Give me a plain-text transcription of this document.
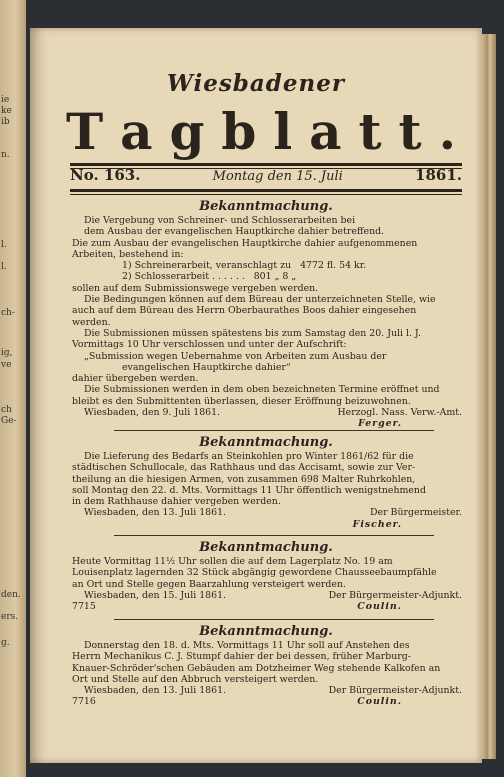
ie
ke
ib
n.
l.
l.
ch-
ig,
ve
ch
Ge-
den.
ers.
g.
Wiesbadener
T a g b l a t t .
No. 163.	Montag den 15. Juli	1861.
Bekanntmachung.
Die Vergebung von Schreiner- und Schlosserarbeiten bei
dem Ausbau der evangelischen Hauptkirche dahier betreffend.
Die zum Ausbau der evangelischen Hauptkirche dahier aufgenommenen
Arbeiten, bestehend in:
1) Schreinerarbeit, veranschlagt zu 4772 fl. 54 kr.
2) Schlosserarbeit . . . . . . 801 „ 8 „
sollen auf dem Submissionswege vergeben werden.
Die Bedingungen können auf dem Büreau der unterzeichneten Stelle, wie
auch auf dem Büreau des Herrn Oberbaurathes Boos dahier eingesehen
werden.
Die Submissionen müssen spätestens bis zum Samstag den 20. Juli l. J.
Vormittags 10 Uhr verschlossen und unter der Aufschrift:
„Submission wegen Uebernahme von Arbeiten zum Ausbau der
evangelischen Hauptkirche dahier“
dahier übergeben werden.
Die Submissionen werden in dem oben bezeichneten Termine eröffnet und
bleibt es den Submittenten überlassen, dieser Eröffnung beizuwohnen.
Wiesbaden, den 9. Juli 1861.	Herzogl. Nass. Verw.-Amt.
Ferger.
Bekanntmachung.
Die Lieferung des Bedarfs an Steinkohlen pro Winter 1861/62 für die
städtischen Schullocale, das Rathhaus und das Accisamt, sowie zur Ver-
theilung an die hiesigen Armen, von zusammen 698 Malter Ruhrkohlen,
soll Montag den 22. d. Mts. Vormittags 11 Uhr öffentlich wenigstnehmend
in dem Rathhause dahier vergeben werden.
Wiesbaden, den 13. Juli 1861.	Der Bürgermeister.
Fischer.
Bekanntmachung.
Heute Vormittag 11½ Uhr sollen die auf dem Lagerplatz No. 19 am
Louisenplatz lagernden 32 Stück abgängig gewordene Chausseebaumpfähle
an Ort und Stelle gegen Baarzahlung versteigert werden.
Wiesbaden, den 15. Juli 1861.	Der Bürgermeister-Adjunkt.
7715	Coulin.
Bekanntmachung.
Donnerstag den 18. d. Mts. Vormittags 11 Uhr soll auf Anstehen des
Herrn Mechanikus C. J. Stumpf dahier der bei dessen, früher Marburg-
Knauer-Schröder'schen Gebäuden am Dotzheimer Weg stehende Kalkofen an
Ort und Stelle auf den Abbruch versteigert werden.
Wiesbaden, den 13. Juli 1861.	Der Bürgermeister-Adjunkt.
7716	Coulin.
